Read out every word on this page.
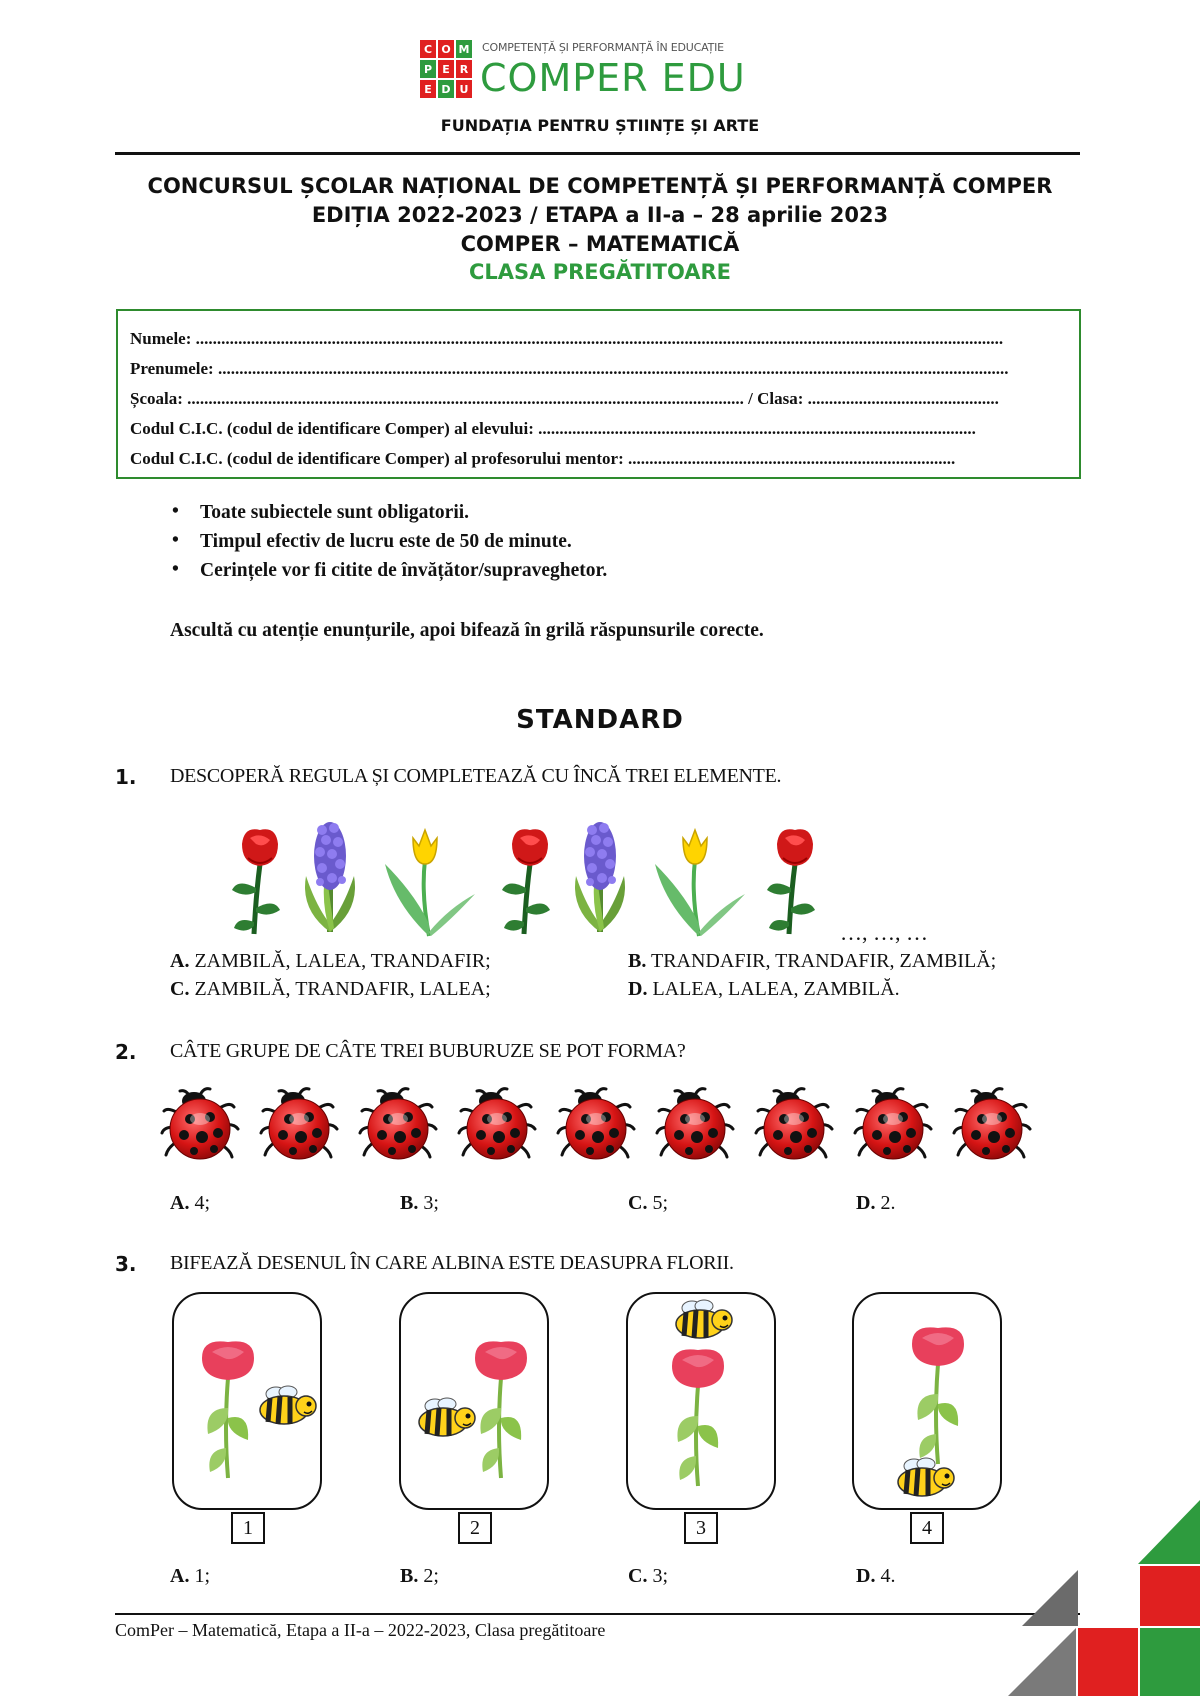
C O M
P E R
E D U
COMPETENȚĂ ȘI PERFORMANȚĂ ÎN EDUCAȚIE
COMPER EDU
FUNDAȚIA PENTRU ȘTIINȚE ȘI ARTE
CONCURSUL ȘCOLAR NAȚIONAL DE COMPETENȚĂ ȘI PERFORMANȚĂ COMPER
EDIȚIA 2022-2023 / ETAPA a II-a – 28 aprilie 2023
COMPER – MATEMATICĂ
CLASA PREGĂTITOARE
Numele: ..............................................................................................................................................................................................
Prenumele: ..........................................................................................................................................................................................
Școala: ................................................................................................................................... / Clasa: .............................................
Codul C.I.C. (codul de identificare Comper) al elevului: .......................................................................................................
Codul C.I.C. (codul de identificare Comper) al profesorului mentor: .............................................................................
• Toate subiectele sunt obligatorii.
• Timpul efectiv de lucru este de 50 de minute.
• Cerințele vor fi citite de învățător/supraveghetor.
Ascultă cu atenție enunțurile, apoi bifează în grilă răspunsurile corecte.
STANDARD
1. DESCOPERĂ REGULA ȘI COMPLETEAZĂ CU ÎNCĂ TREI ELEMENTE.
…, …, …
A. ZAMBILĂ, LALEA, TRANDAFIR;	B. TRANDAFIR, TRANDAFIR, ZAMBILĂ;
C. ZAMBILĂ, TRANDAFIR, LALEA;	D. LALEA, LALEA, ZAMBILĂ.
2. CÂTE GRUPE DE CÂTE TREI BUBURUZE SE POT FORMA?
A. 4;	B. 3;	C. 5;	D. 2.
3. BIFEAZĂ DESENUL ÎN CARE ALBINA ESTE DEASUPRA FLORII.
1	2	3	4
A. 1;	B. 2;	C. 3;	D. 4.
ComPer – Matematică, Etapa a II-a – 2022-2023, Clasa pregătitoare
1
